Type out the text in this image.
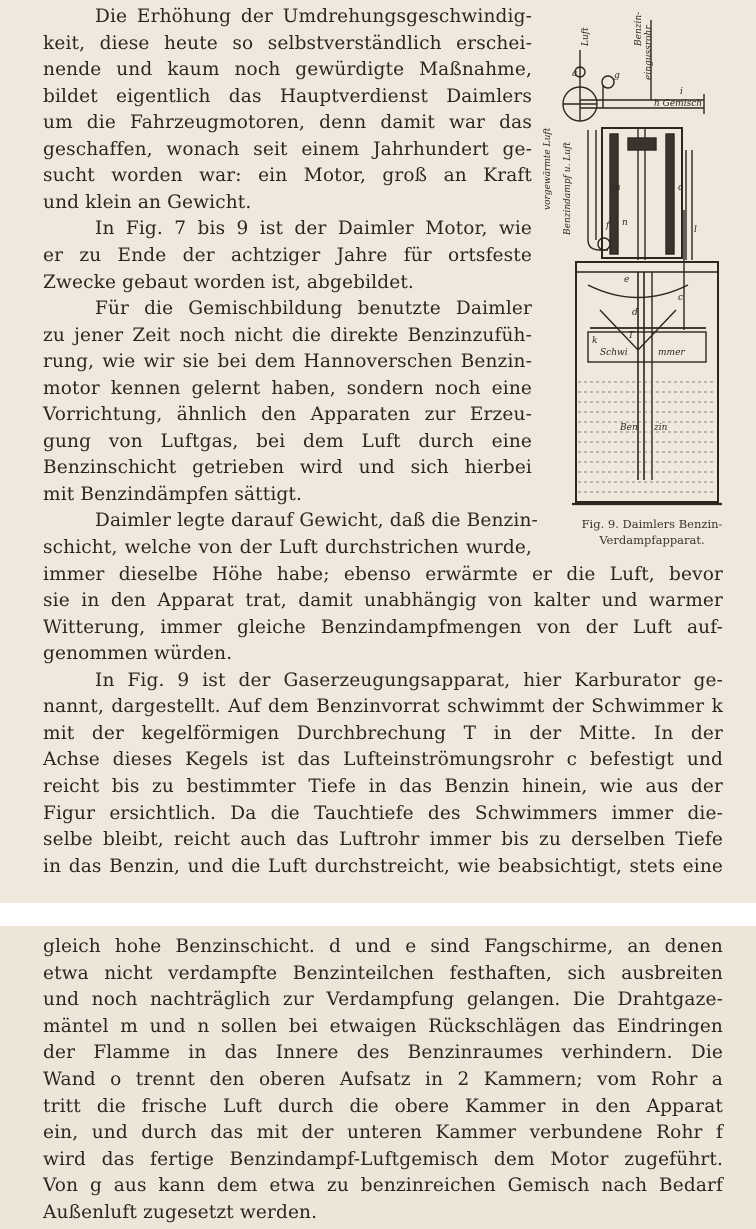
Die Erhöhung der Umdrehungsgeschwindig-
keit, diese heute so selbstverständlich erschei-
nende und kaum noch gewürdigte Maßnahme,
bildet eigentlich das Hauptverdienst Daimlers
um die Fahrzeugmotoren, denn damit war das
geschaffen, wonach seit einem Jahrhundert ge-
sucht worden war: ein Motor, groß an Kraft
und klein an Gewicht.
In Fig. 7 bis 9 ist der Daimler Motor, wie
er zu Ende der achtziger Jahre für ortsfeste
Zwecke gebaut worden ist, abgebildet.
Für die Gemischbildung benutzte Daimler
zu jener Zeit noch nicht die direkte Benzinzufüh-
rung, wie wir sie bei dem Hannoverschen Benzin-
motor kennen gelernt haben, sondern noch eine
Vorrichtung, ähnlich den Apparaten zur Erzeu-
gung von Luftgas, bei dem Luft durch eine
Benzinschicht getrieben wird und sich hierbei
mit Benzindämpfen sättigt.
Daimler legte darauf Gewicht, daß die Benzin-
schicht, welche von der Luft durchstrichen wurde,
immer dieselbe Höhe habe; ebenso erwärmte er die Luft, bevor
sie in den Apparat trat, damit unabhängig von kalter und warmer
Witterung, immer gleiche Benzindampfmengen von der Luft auf-
genommen würden.
In Fig. 9 ist der Gaserzeugungsapparat, hier Karburator ge-
nannt, dargestellt. Auf dem Benzinvorrat schwimmt der Schwimmer k
mit der kegelförmigen Durchbrechung T in der Mitte. In der
Achse dieses Kegels ist das Lufteinströmungsrohr c befestigt und
reicht bis zu bestimmter Tiefe in das Benzin hinein, wie aus der
Figur ersichtlich. Da die Tauchtiefe des Schwimmers immer die-
selbe bleibt, reicht auch das Luftrohr immer bis zu derselben Tiefe
in das Benzin, und die Luft durchstreicht, wie beabsichtigt, stets eine
Luft	Benzin- eingussrohr
h Gemisch
vorgewärmte Luft Benzindampf u. Luft
Schwi	mmer
Ben zin
a	g
i
l
m
n
o
f
e
c
d
k	T
Fig. 9. Daimlers Benzin-
Verdampfapparat.
gleich hohe Benzinschicht. d und e sind Fangschirme, an denen
etwa nicht verdampfte Benzinteilchen festhaften, sich ausbreiten
und noch nachträglich zur Verdampfung gelangen. Die Drahtgaze-
mäntel m und n sollen bei etwaigen Rückschlägen das Eindringen
der Flamme in das Innere des Benzinraumes verhindern. Die
Wand o trennt den oberen Aufsatz in 2 Kammern; vom Rohr a
tritt die frische Luft durch die obere Kammer in den Apparat
ein, und durch das mit der unteren Kammer verbundene Rohr f
wird das fertige Benzindampf-Luftgemisch dem Motor zugeführt.
Von g aus kann dem etwa zu benzinreichen Gemisch nach Bedarf
Außenluft zugesetzt werden.
